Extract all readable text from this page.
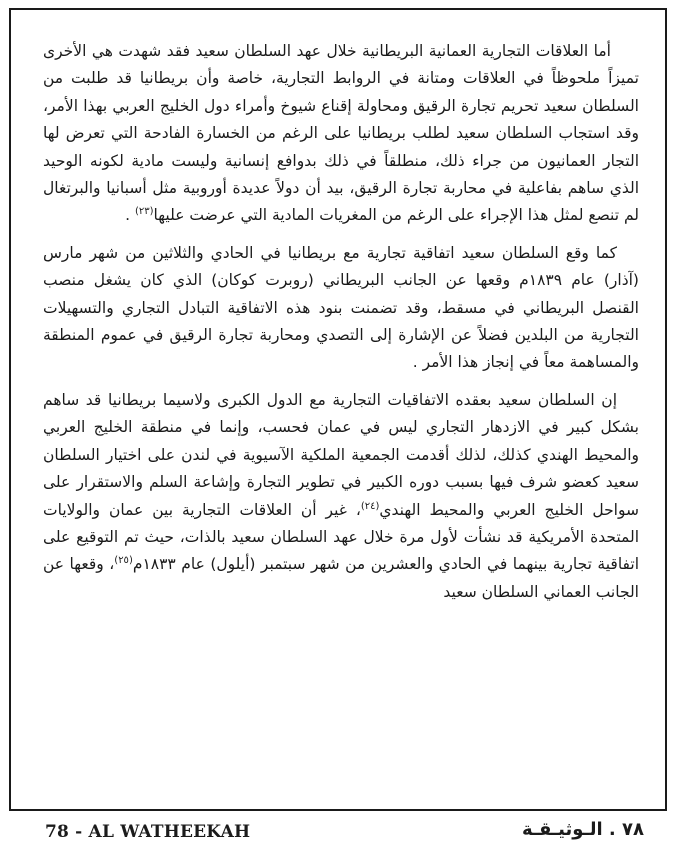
أما العلاقات التجارية العمانية البريطانية خلال عهد السلطان سعيد فقد شهدت هي الأخرى تميزاً ملحوظاً في العلاقات ومتانة في الروابط التجارية، خاصة وأن بريطانيا قد طلبت من السلطان سعيد تحريم تجارة الرقيق ومحاولة إقناع شيوخ وأمراء دول الخليج العربي بهذا الأمر، وقد استجاب السلطان سعيد لطلب بريطانيا على الرغم من الخسارة الفادحة التي تعرض لها التجار العمانيون من جراء ذلك، منطلقاً في ذلك بدوافع إنسانية وليست مادية لكونه الوحيد الذي ساهم بفاعلية في محاربة تجارة الرقيق، بيد أن دولاً عديدة أوروبية مثل أسبانيا والبرتغال لم تنصع لمثل هذا الإجراء على الرغم من المغريات المادية التي عرضت عليها$^{(٢٣)}$ .

كما وقع السلطان سعيد اتفاقية تجارية مع بريطانيا في الحادي والثلاثين من شهر مارس (آذار) عام ١٨٣٩م وقعها عن الجانب البريطاني (روبرت كوكان) الذي كان يشغل منصب القنصل البريطاني في مسقط، وقد تضمنت بنود هذه الاتفاقية التبادل التجاري والتسهيلات التجارية من البلدين فضلاً عن الإشارة إلى التصدي ومحاربة تجارة الرقيق في عموم المنطقة والمساهمة معاً في إنجاز هذا الأمر .

إن السلطان سعيد بعقده الاتفاقيات التجارية مع الدول الكبرى ولاسيما بريطانيا قد ساهم بشكل كبير في الازدهار التجاري ليس في عمان فحسب، وإنما في منطقة الخليج العربي والمحيط الهندي كذلك، لذلك أقدمت الجمعية الملكية الآسيوية في لندن على اختيار السلطان سعيد كعضو شرف فيها بسبب دوره الكبير في تطوير التجارة وإشاعة السلم والاستقرار على سواحل الخليج العربي والمحيط الهندي$^{(٢٤)}$، غير أن العلاقات التجارية بين عمان والولايات المتحدة الأمريكية قد نشأت لأول مرة خلال عهد السلطان سعيد بالذات، حيث تم التوقيع على اتفاقية تجارية بينهما في الحادي والعشرين من شهر سبتمبر (أيلول) عام ١٨٣٣م$^{(٢٥)}$، وقعها عن الجانب العماني السلطان سعيد

78 - AL WATHEEKAH	٧٨ . الـوثيـقـة
